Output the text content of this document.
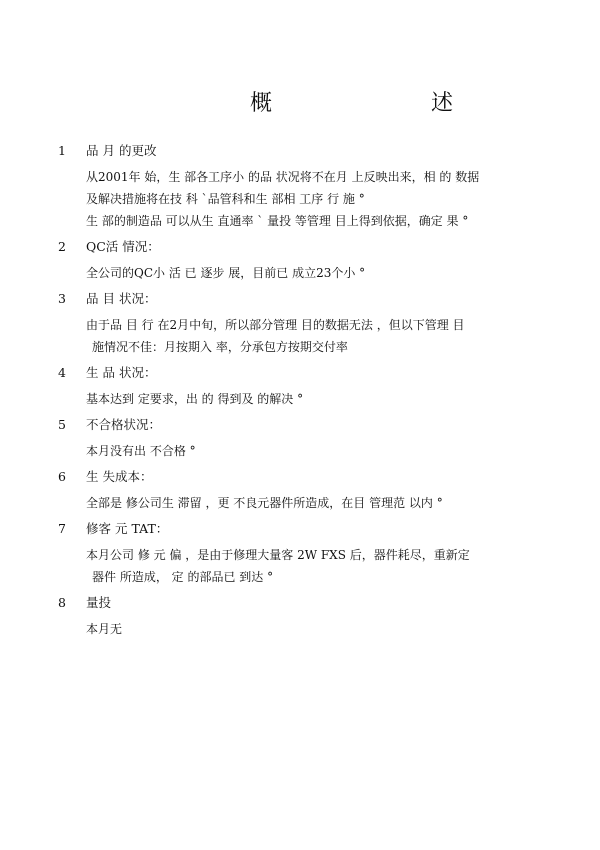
概	述
1 品 月 的更改
从2001年 始，生 部各工序小 的品 状况将不在月 上反映出来，相 的 数据
及解决措施将在技 科 `品管科和生 部相 工序 行 施 °
生 部的制造品 可以从生 直通率 ` 量投 等管理 目上得到依据，确定 果 °
2 QC活 情况：
全公司的QC小 活 已 逐步 展，目前已 成立23个小 °
3 品 目 状况：
由于品 目 行 在2月中旬，所以部分管理 目的数据无法 ，但以下管理 目
施情况不佳：月按期入 率，分承包方按期交付率
4 生 品 状况：
基本达到 定要求，出 的 得到及 的解决 °
5 不合格状况：
本月没有出 不合格 °
6 生 失成本：
全部是 修公司生 滞留 ，更 不良元器件所造成，在目 管理范 以内 °
7 修客 元 TAT：
本月公司 修 元 偏 ，是由于修理大量客 2W FXS 后，器件耗尽，重新定
器件 所造成， 定 的部品已 到达 °
8 量投
本月无
